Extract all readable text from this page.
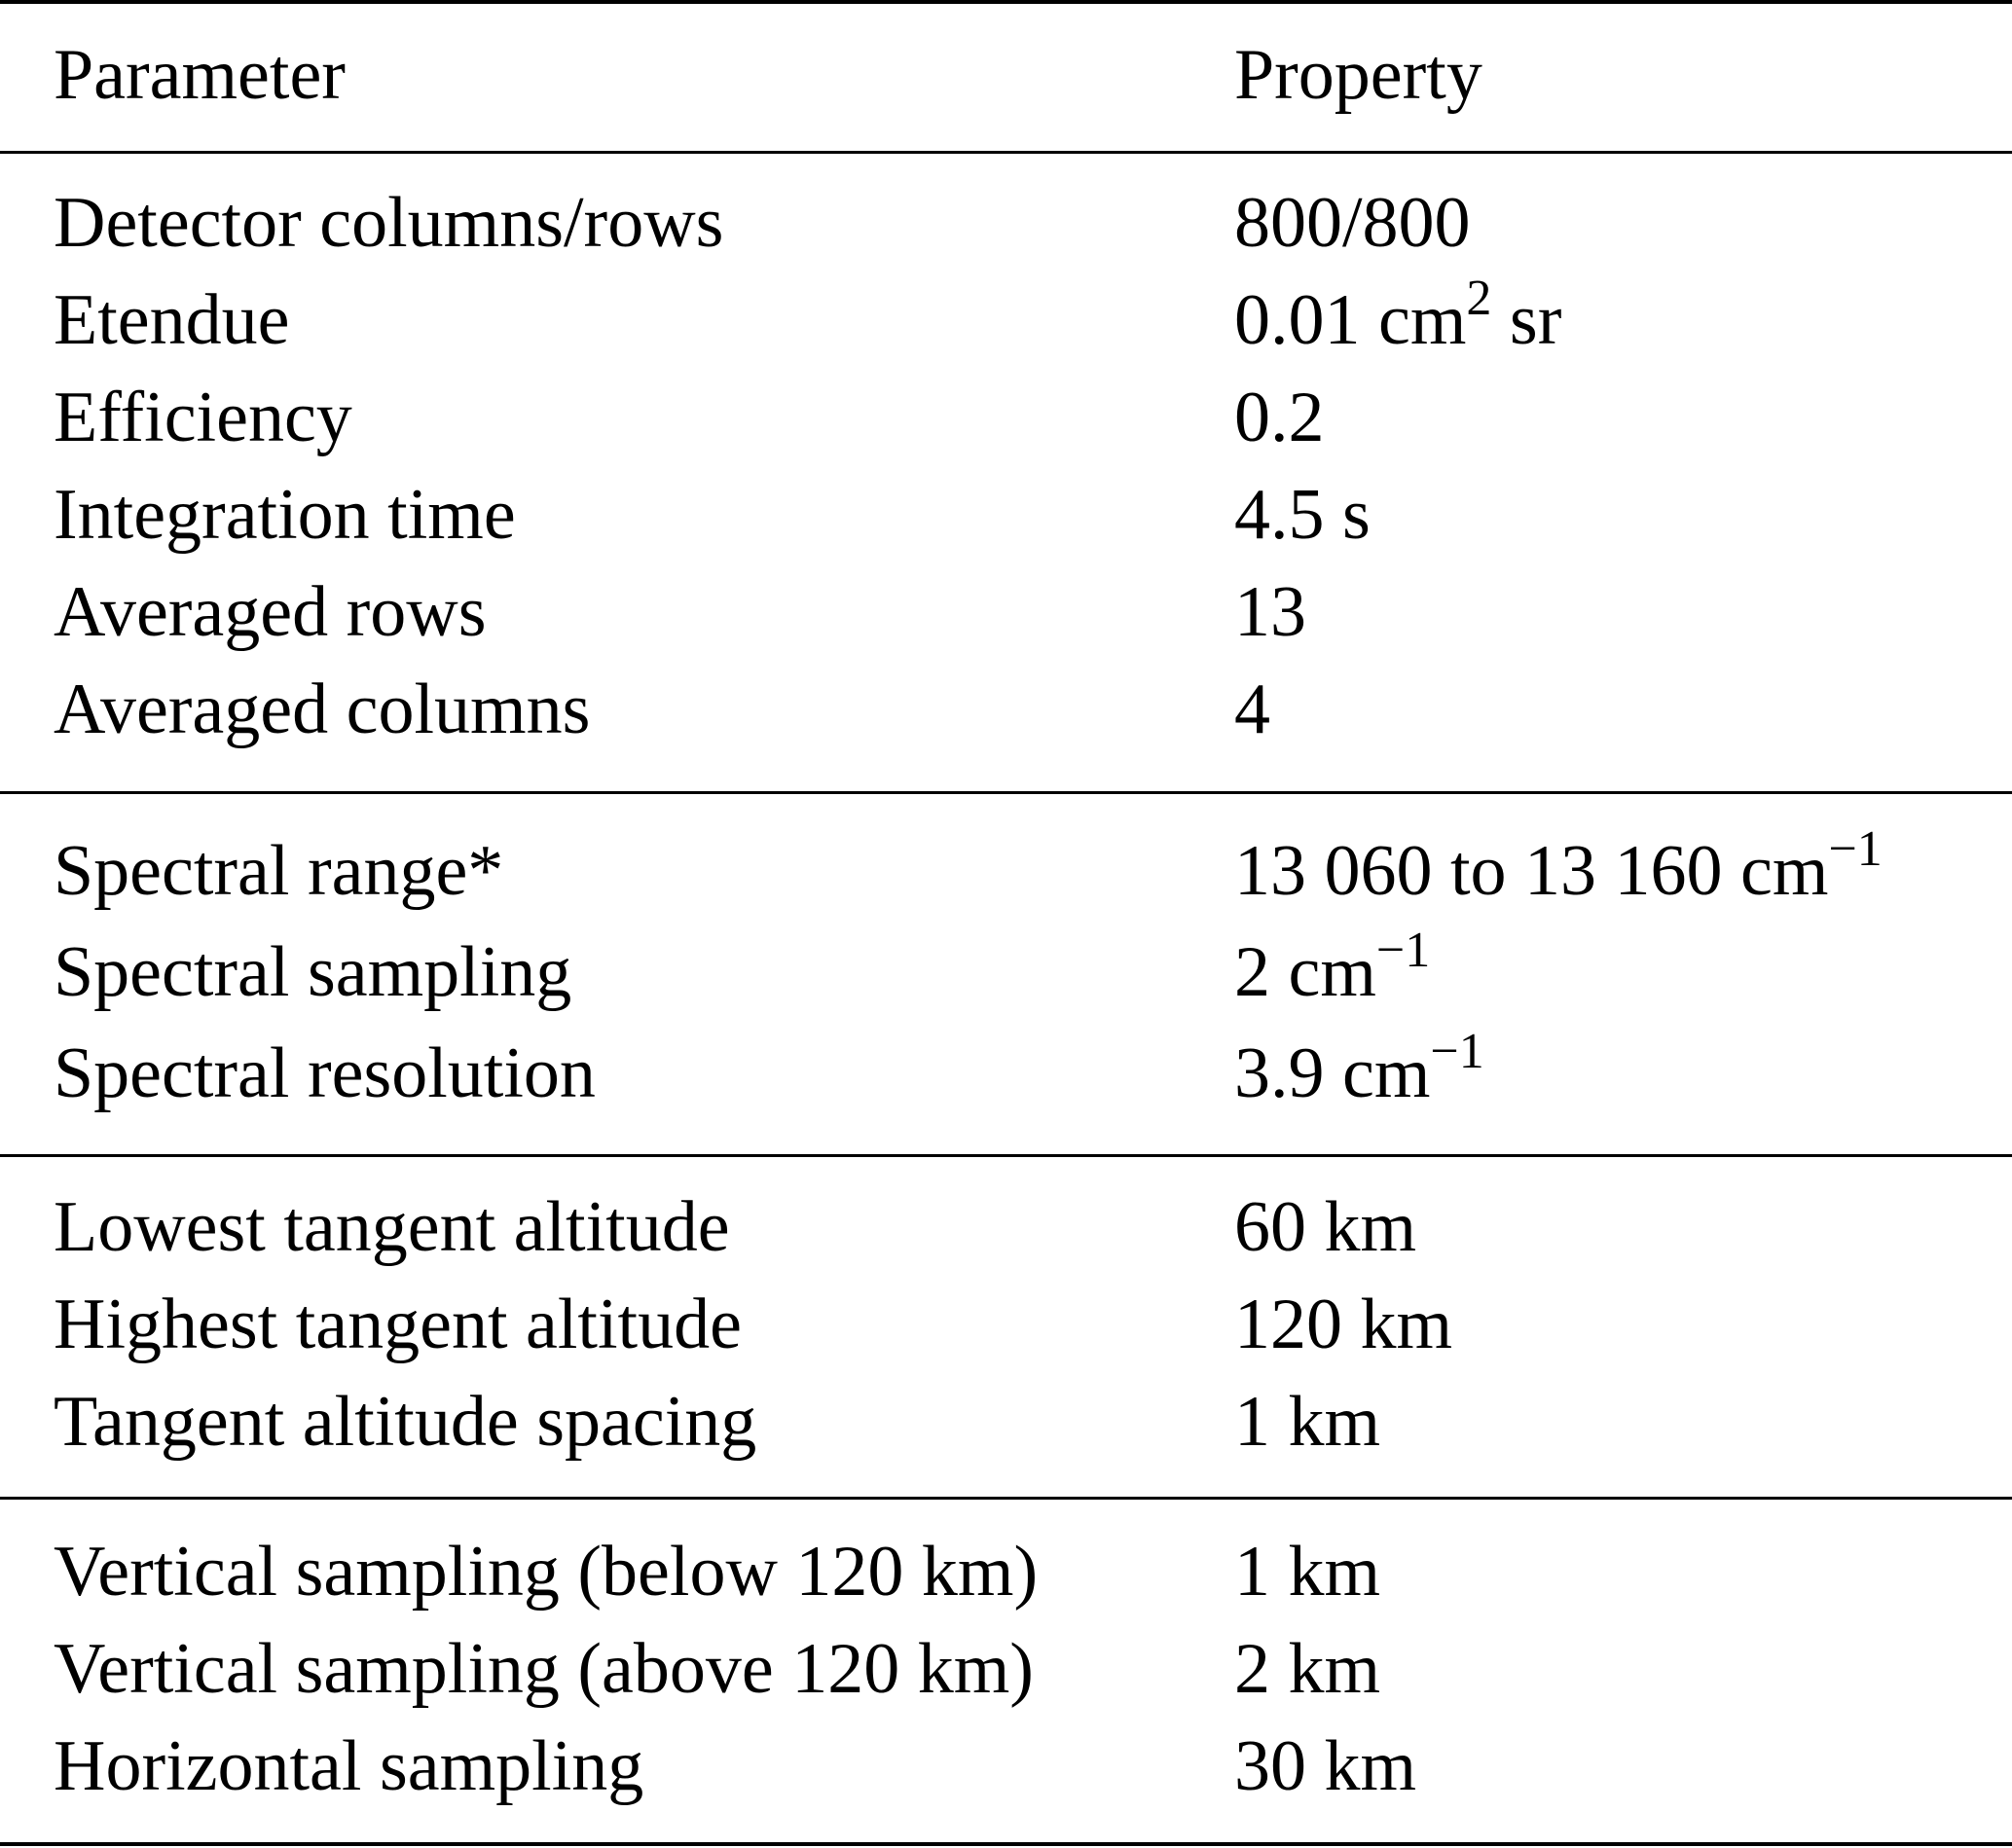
Parameter	Property
Detector columns/rows	800/800
Etendue	0.01 $cm^2$ sr
Efficiency	0.2
Integration time	4.5 s
Averaged rows	13
Averaged columns	4
Spectral range*	13 060 to 13 160 $cm^{-1}$
Spectral sampling	2 $cm^{-1}$
Spectral resolution	3.9 $cm^{-1}$
Lowest tangent altitude	60 km
Highest tangent altitude	120 km
Tangent altitude spacing	1 km
Vertical sampling (below 120 km)	1 km
Vertical sampling (above 120 km)	2 km
Horizontal sampling	30 km
